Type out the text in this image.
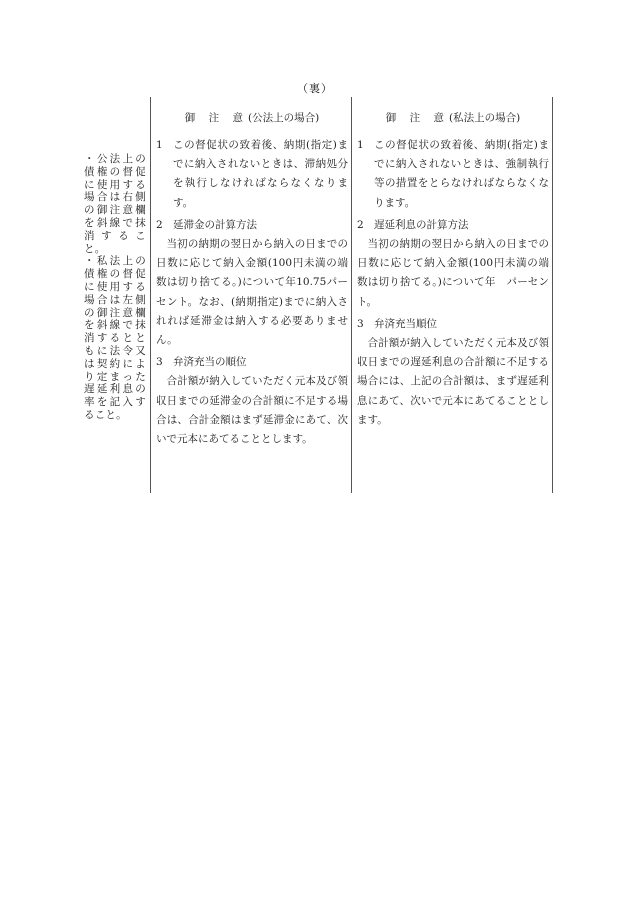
（裏）

・公法上の債権の督促に使用する場合は右側の御注意欄を斜線で抹消すること。

・私法上の債権の督促に使用する場合は左側の御注意欄を斜線で抹消するとともに法令又は契約により定まった遅延利息の率を記入すること。

御 注 意(公法上の場合)
1 この督促状の致着後、納期(指定)までに納入されないときは、滞納処分を執行しなければならなくなります。
2 延滞金の計算方法
当初の納期の翌日から納入の日までの日数に応じて納入金額(100円未満の端数は切り捨てる。)について年10.75パーセント。なお、(納期指定)までに納入されれば延滞金は納入する必要ありません。
3 弁済充当の順位
合計額が納入していただく元本及び領収日までの延滞金の合計額に不足する場合は、合計金額はまず延滞金にあて、次いで元本にあてることとします。
御 注 意(私法上の場合)
1 この督促状の致着後、納期(指定)までに納入されないときは、強制執行等の措置をとらなければならなくなります。
2 遅延利息の計算方法
当初の納期の翌日から納入の日までの日数に応じて納入金額(100円未満の端数は切り捨てる。)について年　パーセント。
3 弁済充当順位
合計額が納入していただく元本及び領収日までの遅延利息の合計額に不足する場合には、上記の合計額は、まず遅延利息にあて、次いで元本にあてることとします。
